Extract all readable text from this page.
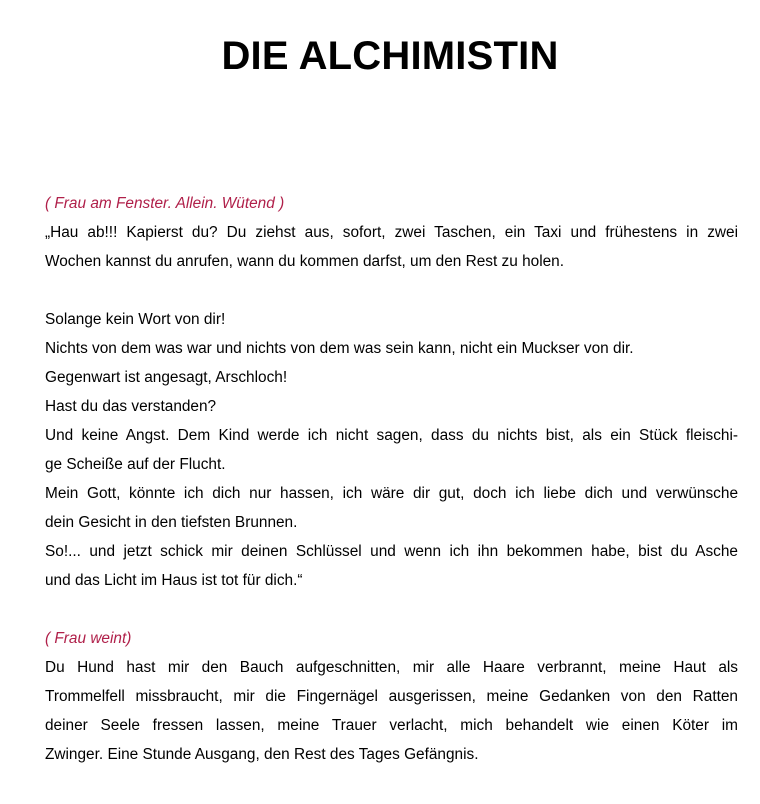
DIE ALCHIMISTIN

( Frau am Fenster. Allein. Wütend )

„Hau ab!!! Kapierst du? Du ziehst aus, sofort, zwei Taschen, ein Taxi und frühestens in zwei

Wochen kannst du anrufen, wann du kommen darfst, um den Rest zu holen.

Solange kein Wort von dir!

Nichts von dem was war und nichts von dem was sein kann, nicht ein Muckser von dir.

Gegenwart ist angesagt, Arschloch!

Hast du das verstanden?

Und keine Angst. Dem Kind werde ich nicht sagen, dass du nichts bist, als ein Stück fleischi-

ge Scheiße auf der Flucht.

Mein Gott, könnte ich dich nur hassen, ich wäre dir gut, doch ich liebe dich und verwünsche

dein Gesicht in den tiefsten Brunnen.

So!... und jetzt schick mir deinen Schlüssel und wenn ich ihn bekommen habe, bist du Asche

und das Licht im Haus ist tot für dich.“

( Frau weint)

Du Hund hast mir den Bauch aufgeschnitten, mir alle Haare verbrannt, meine Haut als

Trommelfell missbraucht, mir die Fingernägel ausgerissen, meine Gedanken von den Ratten

deiner Seele fressen lassen, meine Trauer verlacht, mich behandelt wie einen Köter im

Zwinger. Eine Stunde Ausgang, den Rest des Tages Gefängnis.
